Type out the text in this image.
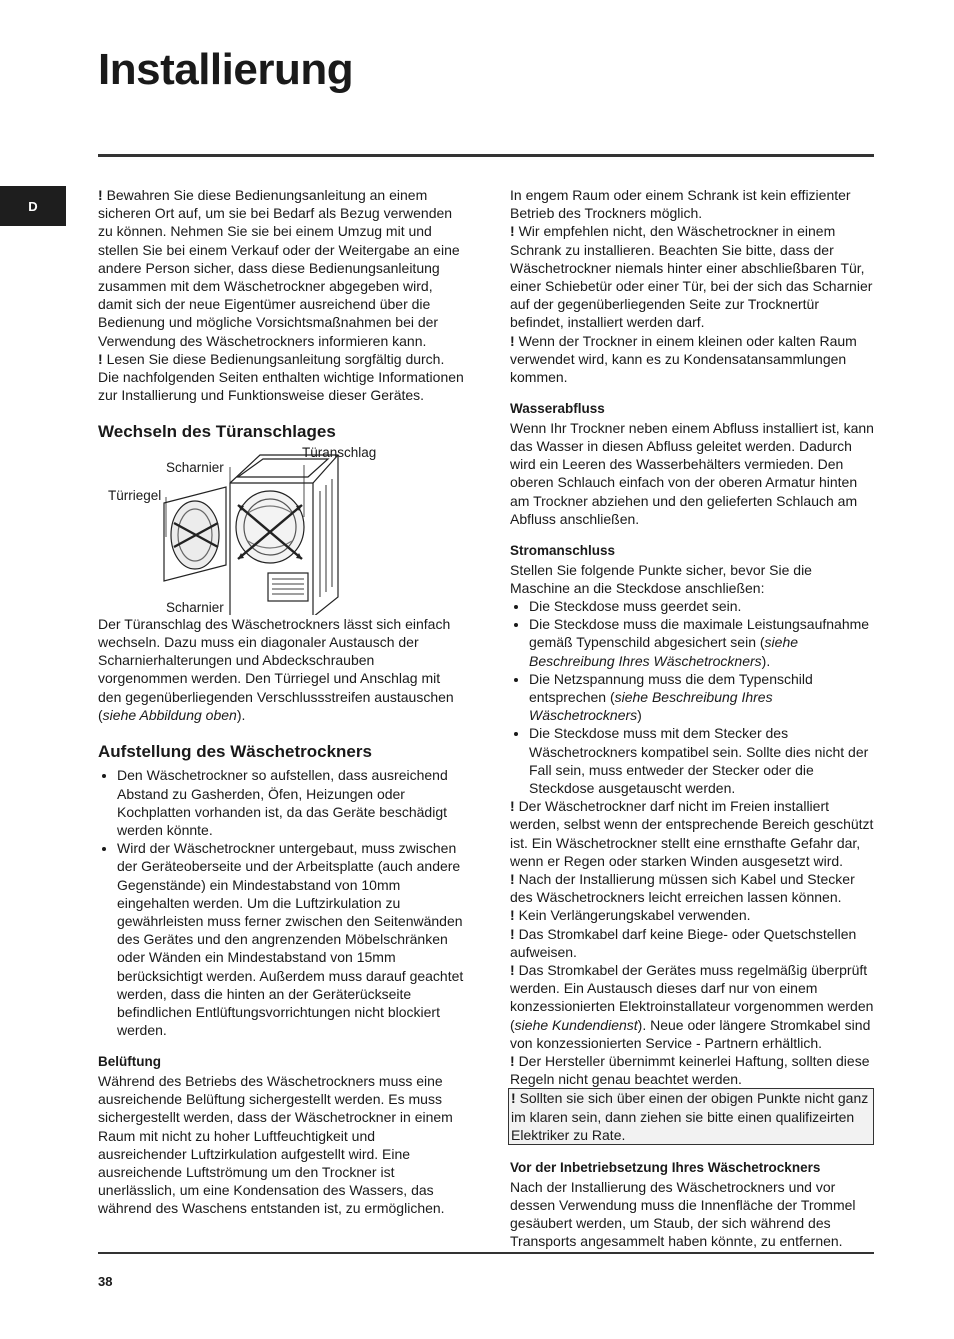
Installierung
D

! Bewahren Sie diese Bedienungsanleitung an einem sicheren Ort auf, um sie bei Bedarf als Bezug verwenden zu können. Nehmen Sie sie bei einem Umzug mit und stellen Sie bei einem Verkauf oder der Weitergabe an eine andere Person sicher, dass diese Bedienungsanleitung zusammen mit dem Wäschetrockner abgegeben wird, damit sich der neue Eigentümer ausreichend über die Bedienung und mögliche Vorsichtsmaßnahmen bei der Verwendung des Wäschetrockners informieren kann.

! Lesen Sie diese Bedienungsanleitung sorgfältig durch. Die nachfolgenden Seiten enthalten wichtige Informationen zur Installierung und Funktionsweise dieser Gerätes.

Wechseln des Türanschlages
Scharnier
Türanschlag
Türriegel
Scharnier

Der Türanschlag des Wäschetrockners lässt sich einfach wechseln. Dazu muss ein diagonaler Austausch der Scharnierhalterungen und Abdeckschrauben vorgenommen werden. Den Türriegel und Anschlag mit den gegenüberliegenden Verschlussstreifen austauschen (siehe Abbildung oben).

Aufstellung des Wäschetrockners
• Den Wäschetrockner so aufstellen, dass ausreichend Abstand zu Gasherden, Öfen, Heizungen oder Kochplatten vorhanden ist, da das Geräte beschädigt werden könnte.
• Wird der Wäschetrockner untergebaut, muss zwischen der Geräteoberseite und der Arbeitsplatte (auch andere Gegenstände) ein Mindestabstand von 10mm eingehalten werden. Um die Luftzirkulation zu gewährleisten muss ferner zwischen den Seitenwänden des Gerätes und den angrenzenden Möbelschränken oder Wänden ein Mindestabstand von 15mm berücksichtigt werden. Außerdem muss darauf geachtet werden, dass die hinten an der Geräterückseite befindlichen Entlüftungsvorrichtungen nicht blockiert werden.
Belüftung

Während des Betriebs des Wäschetrockners muss eine ausreichende Belüftung sichergestellt werden. Es muss sichergestellt werden, dass der Wäschetrockner in einem Raum mit nicht zu hoher Luftfeuchtigkeit und ausreichender Luftzirkulation aufgestellt wird. Eine ausreichende Luftströmung um den Trockner ist unerlässlich, um eine Kondensation des Wassers, das während des Waschens entstanden ist, zu ermöglichen.

In engem Raum oder einem Schrank ist kein effizienter Betrieb des Trockners möglich.

! Wir empfehlen nicht, den Wäschetrockner in einem Schrank zu installieren. Beachten Sie bitte, dass der Wäschetrockner niemals hinter einer abschließbaren Tür, einer Schiebetür oder einer Tür, bei der sich das Scharnier auf der gegenüberliegenden Seite zur Trocknertür befindet, installiert werden darf.

! Wenn der Trockner in einem kleinen oder kalten Raum verwendet wird, kann es zu Kondensatansammlungen kommen.

Wasserabfluss

Wenn Ihr Trockner neben einem Abfluss installiert ist, kann das Wasser in diesen Abfluss geleitet werden. Dadurch wird ein Leeren des Wasserbehälters vermieden. Den oberen Schlauch einfach von der oberen Armatur hinten am Trockner abziehen und den gelieferten Schlauch am Abfluss anschließen.

Stromanschluss

Stellen Sie folgende Punkte sicher, bevor Sie die Maschine an die Steckdose anschließen:

• Die Steckdose muss geerdet sein.
• Die Steckdose muss die maximale Leistungsaufnahme gemäß Typenschild abgesichert sein (siehe Beschreibung Ihres Wäschetrockners).
• Die Netzspannung muss die dem Typenschild entsprechen (siehe Beschreibung Ihres Wäschetrockners)
• Die Steckdose muss mit dem Stecker des Wäschetrockners kompatibel sein. Sollte dies nicht der Fall sein, muss entweder der Stecker oder die Steckdose ausgetauscht werden.

! Der Wäschetrockner darf nicht im Freien installiert werden, selbst wenn der entsprechende Bereich geschützt ist. Ein Wäschetrockner stellt eine ernsthafte Gefahr dar, wenn er Regen oder starken Winden ausgesetzt wird.

! Nach der Installierung müssen sich Kabel und Stecker des Wäschetrockners leicht erreichen lassen können.

! Kein Verlängerungskabel verwenden.

! Das Stromkabel darf keine Biege- oder Quetschstellen aufweisen.

! Das Stromkabel der Gerätes muss regelmäßig überprüft werden. Ein Austausch dieses darf nur von einem konzessionierten Elektroinstallateur vorgenommen werden (siehe Kundendienst). Neue oder längere Stromkabel sind von konzessionierten Service - Partnern erhältlich.

! Der Hersteller übernimmt keinerlei Haftung, sollten diese Regeln nicht genau beachtet werden.

! Sollten sie sich über einen der obigen Punkte nicht ganz im klaren sein, dann ziehen sie bitte einen qualifizeirten Elektriker zu Rate.

Vor der Inbetriebsetzung Ihres Wäschetrockners

Nach der Installierung des Wäschetrockners und vor dessen Verwendung muss die Innenfläche der Trommel gesäubert werden, um Staub, der sich während des Transports angesammelt haben könnte, zu entfernen.

38
